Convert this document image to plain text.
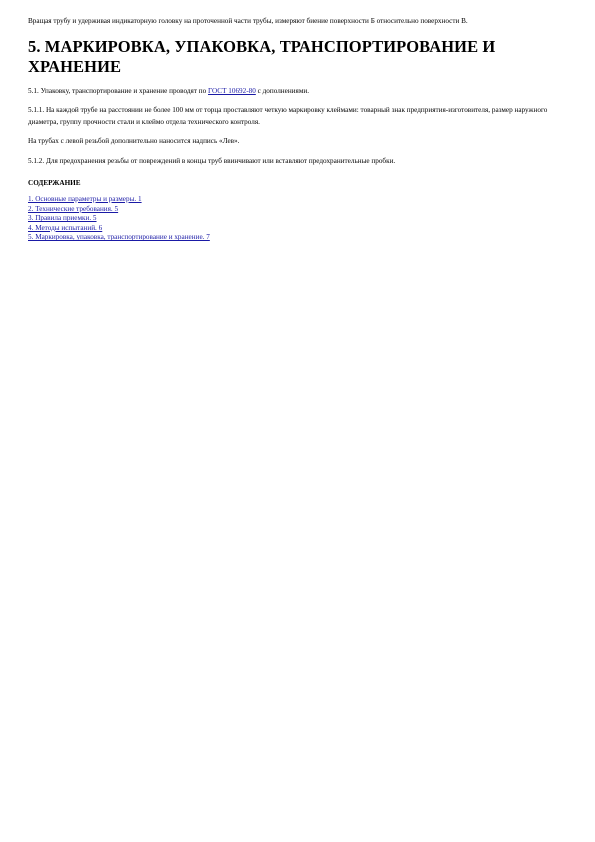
Вращая трубу и удерживая индикаторную головку на проточенной части трубы, измеряют биение поверхности Б относительно поверхности В.

5. МАРКИРОВКА, УПАКОВКА, ТРАНСПОРТИРОВАНИЕ И ХРАНЕНИЕ

5.1. Упаковку, транспортирование и хранение проводят по ГОСТ 10692-80 с дополнениями.

5.1.1. На каждой трубе на расстоянии не более 100 мм от торца проставляют четкую маркировку клеймами: товарный знак предприятия-изготовителя, размер наружного диаметра, группу прочности стали и клеймо отдела технического контроля.

На трубах с левой резьбой дополнительно наносится надпись «Лев».

5.1.2. Для предохранения резьбы от повреждений в концы труб ввинчивают или вставляют предохранительные пробки.

СОДЕРЖАНИЕ
1. Основные параметры и размеры. 1
2. Технические требования. 5
3. Правила приемки. 5
4. Методы испытаний. 6
5. Маркировка, упаковка, транспортирование и хранение. 7
